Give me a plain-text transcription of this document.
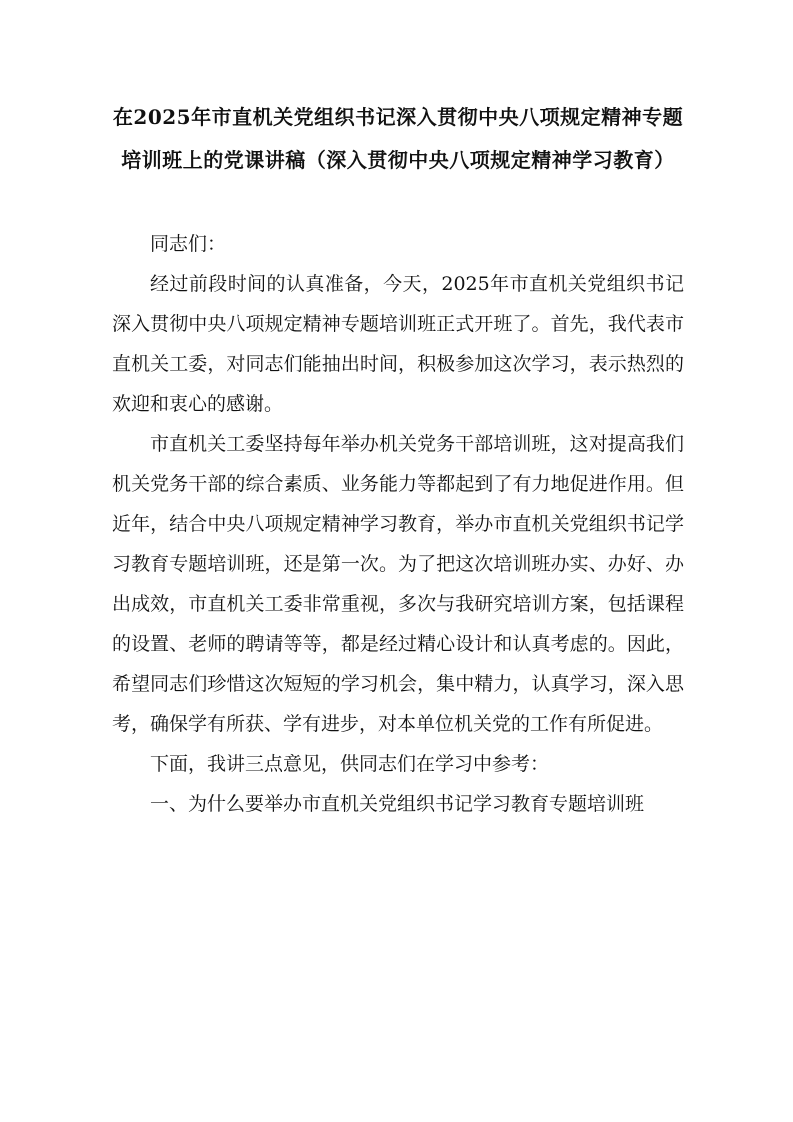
在2025年市直机关党组织书记深入贯彻中央八项规定精神专题培训班上的党课讲稿（深入贯彻中央八项规定精神学习教育）

同志们：

经过前段时间的认真准备，今天，2025年市直机关党组织书记深入贯彻中央八项规定精神专题培训班正式开班了。首先，我代表市直机关工委，对同志们能抽出时间，积极参加这次学习，表示热烈的欢迎和衷心的感谢。

市直机关工委坚持每年举办机关党务干部培训班，这对提高我们机关党务干部的综合素质、业务能力等都起到了有力地促进作用。但近年，结合中央八项规定精神学习教育，举办市直机关党组织书记学习教育专题培训班，还是第一次。为了把这次培训班办实、办好、办出成效，市直机关工委非常重视，多次与我研究培训方案，包括课程的设置、老师的聘请等等，都是经过精心设计和认真考虑的。因此，希望同志们珍惜这次短短的学习机会，集中精力，认真学习，深入思考，确保学有所获、学有进步，对本单位机关党的工作有所促进。

下面，我讲三点意见，供同志们在学习中参考：

一、为什么要举办市直机关党组织书记学习教育专题培训班
